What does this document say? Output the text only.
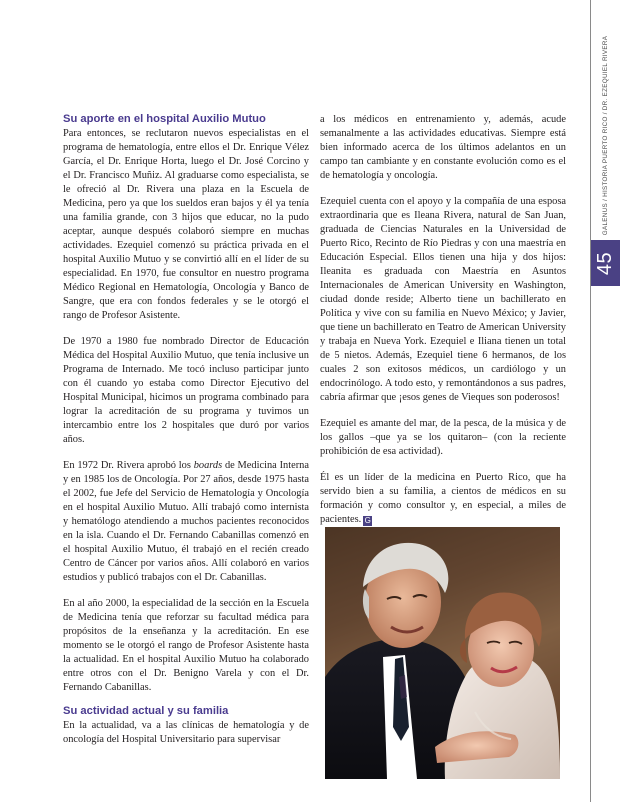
GALENUS / HISTORIA PUERTO RICO / DR. EZEQUIEL RIVERA
45
Su aporte en el hospital Auxilio Mutuo

Para entonces, se reclutaron nuevos especialistas en el programa de hematología, entre ellos el Dr. Enrique Vélez García, el Dr. Enrique Horta, luego el Dr. José Corcino y el Dr. Francisco Muñiz. Al graduarse como especialista, se le ofreció al Dr. Rivera una plaza en la Escuela de Medicina, pero ya que los sueldos eran bajos y él ya tenía una familia grande, con 3 hijos que educar, no la pudo aceptar, aunque después colaboró siempre en muchas actividades. Ezequiel comenzó su práctica privada en el hospital Auxilio Mutuo y se convirtió allí en el líder de su especialidad. En 1970, fue consultor en nuestro programa Médico Regional en Hematología, Oncología y Banco de Sangre, que era con fondos federales y se le otorgó el rango de Profesor Asistente.

De 1970 a 1980 fue nombrado Director de Educación Médica del Hospital Auxilio Mutuo, que tenía inclusive un Programa de Internado. Me tocó incluso participar junto con él cuando yo estaba como Director Ejecutivo del Hospital Municipal, hicimos un programa combinado para lograr la acreditación de su programa y tuvimos un intercambio entre los 2 hospitales que duró por varios años.

En 1972 Dr. Rivera aprobó los boards de Medicina Interna y en 1985 los de Oncología. Por 27 años, desde 1975 hasta el 2002, fue Jefe del Servicio de Hematología y Oncología en el hospital Auxilio Mutuo. Allí trabajó como internista y hematólogo atendiendo a muchos pacientes reconocidos en la isla. Cuando el Dr. Fernando Cabanillas comenzó en el hospital Auxilio Mutuo, él trabajó en el recién creado Centro de Cáncer por varios años. Allí colaboró en varios estudios y publicó trabajos con el Dr. Cabanillas.

En al año 2000, la especialidad de la sección en la Escuela de Medicina tenía que reforzar su facultad médica para propósitos de la enseñanza y la acreditación. En ese momento se le otorgó el rango de Profesor Asistente hasta la actualidad. En el hospital Auxilio Mutuo ha colaborado entre otros con el Dr. Benigno Varela y con el Dr. Fernando Cabanillas.

Su actividad actual y su familia

En la actualidad, va a las clínicas de hematología y de oncología del Hospital Universitario para supervisar

a los médicos en entrenamiento y, además, acude semanalmente a las actividades educativas. Siempre está bien informado acerca de los últimos adelantos en un campo tan cambiante y en constante evolución como es el de hematología y oncología.

Ezequiel cuenta con el apoyo y la compañía de una esposa extraordinaria que es Ileana Rivera, natural de San Juan, graduada de Ciencias Naturales en la Universidad de Puerto Rico, Recinto de Río Piedras y con una maestría en Educación Especial. Ellos tienen una hija y dos hijos: Ileanita es graduada con Maestría en Asuntos Internacionales de American University en Washington, ciudad donde reside; Alberto tiene un bachillerato en Política y vive con su familia en Nuevo México; y Javier, que tiene un bachillerato en Teatro de American University y trabaja en Nueva York. Ezequiel e Iliana tienen un total de 5 nietos. Además, Ezequiel tiene 6 hermanos, de los cuales 2 son exitosos médicos, un cardiólogo y un endocrinólogo. A todo esto, y remontándonos a sus padres, cabría afirmar que ¡esos genes de Vieques son poderosos!

Ezequiel es amante del mar, de la pesca, de la música y de los gallos –que ya se los quitaron– (con la reciente prohibición de esa actividad).

Él es un líder de la medicina en Puerto Rico, que ha servido bien a su familia, a cientos de médicos en su formación y como consultor y, en especial, a miles de pacientes. G
